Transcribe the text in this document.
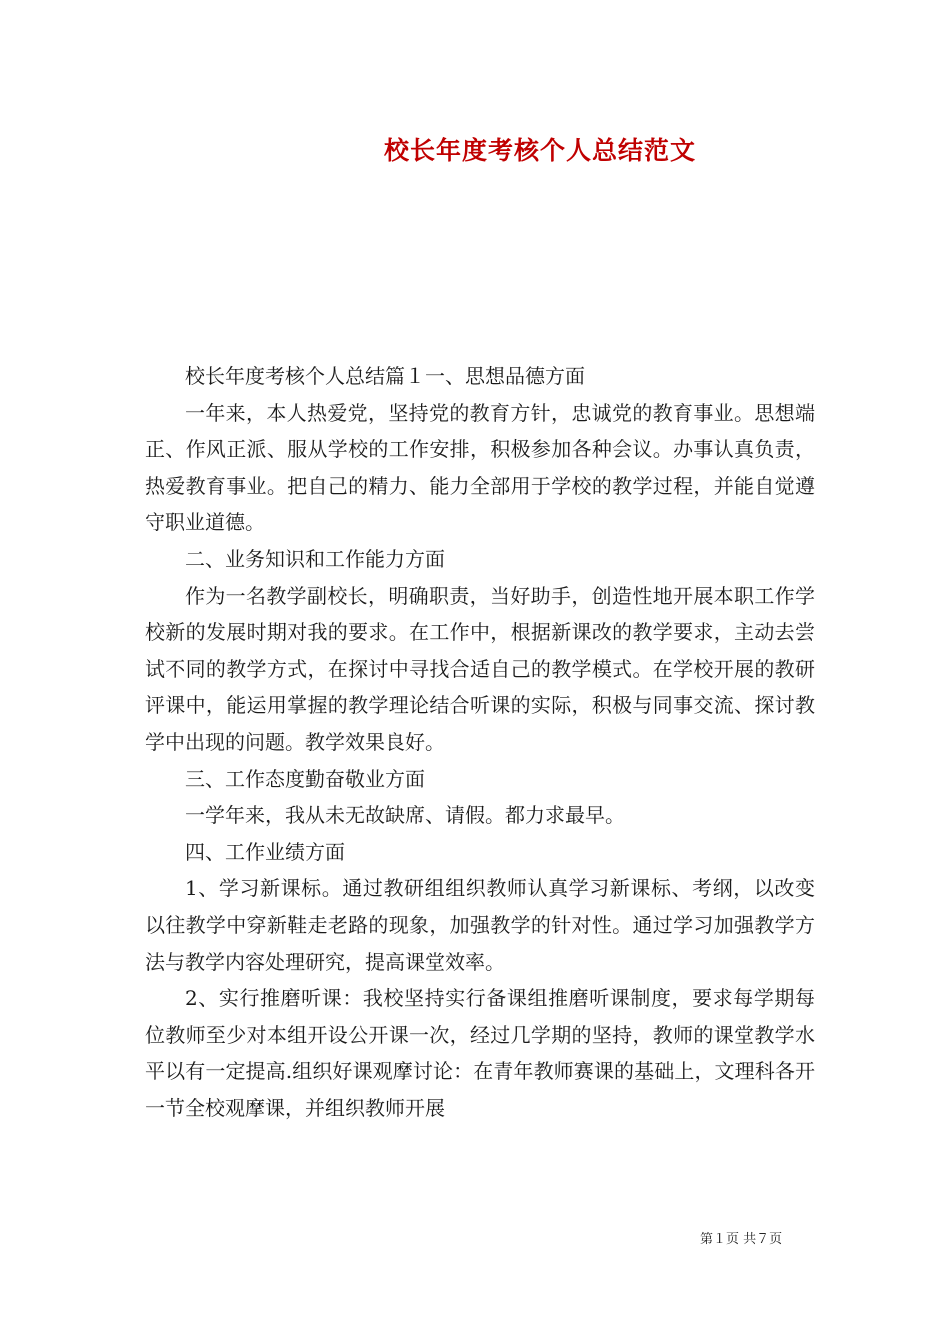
校长年度考核个人总结范文

校长年度考核个人总结篇１一、思想品德方面

一年来，本人热爱党，坚持党的教育方针，忠诚党的教育事业。思想端正、作风正派、服从学校的工作安排，积极参加各种会议。办事认真负责，热爱教育事业。把自己的精力、能力全部用于学校的教学过程，并能自觉遵守职业道德。

二、业务知识和工作能力方面

作为一名教学副校长，明确职责，当好助手，创造性地开展本职工作学校新的发展时期对我的要求。在工作中，根据新课改的教学要求，主动去尝试不同的教学方式，在探讨中寻找合适自己的教学模式。在学校开展的教研评课中，能运用掌握的教学理论结合听课的实际，积极与同事交流、探讨教学中出现的问题。教学效果良好。

三、工作态度勤奋敬业方面

一学年来，我从未无故缺席、请假。都力求最早。

四、工作业绩方面

1、学习新课标。通过教研组组织教师认真学习新课标、考纲，以改变以往教学中穿新鞋走老路的现象，加强教学的针对性。通过学习加强教学方法与教学内容处理研究，提高课堂效率。

2、实行推磨听课：我校坚持实行备课组推磨听课制度，要求每学期每位教师至少对本组开设公开课一次，经过几学期的坚持，教师的课堂教学水平以有一定提高.组织好课观摩讨论：在青年教师赛课的基础上，文理科各开一节全校观摩课，并组织教师开展

第１页 共７页
